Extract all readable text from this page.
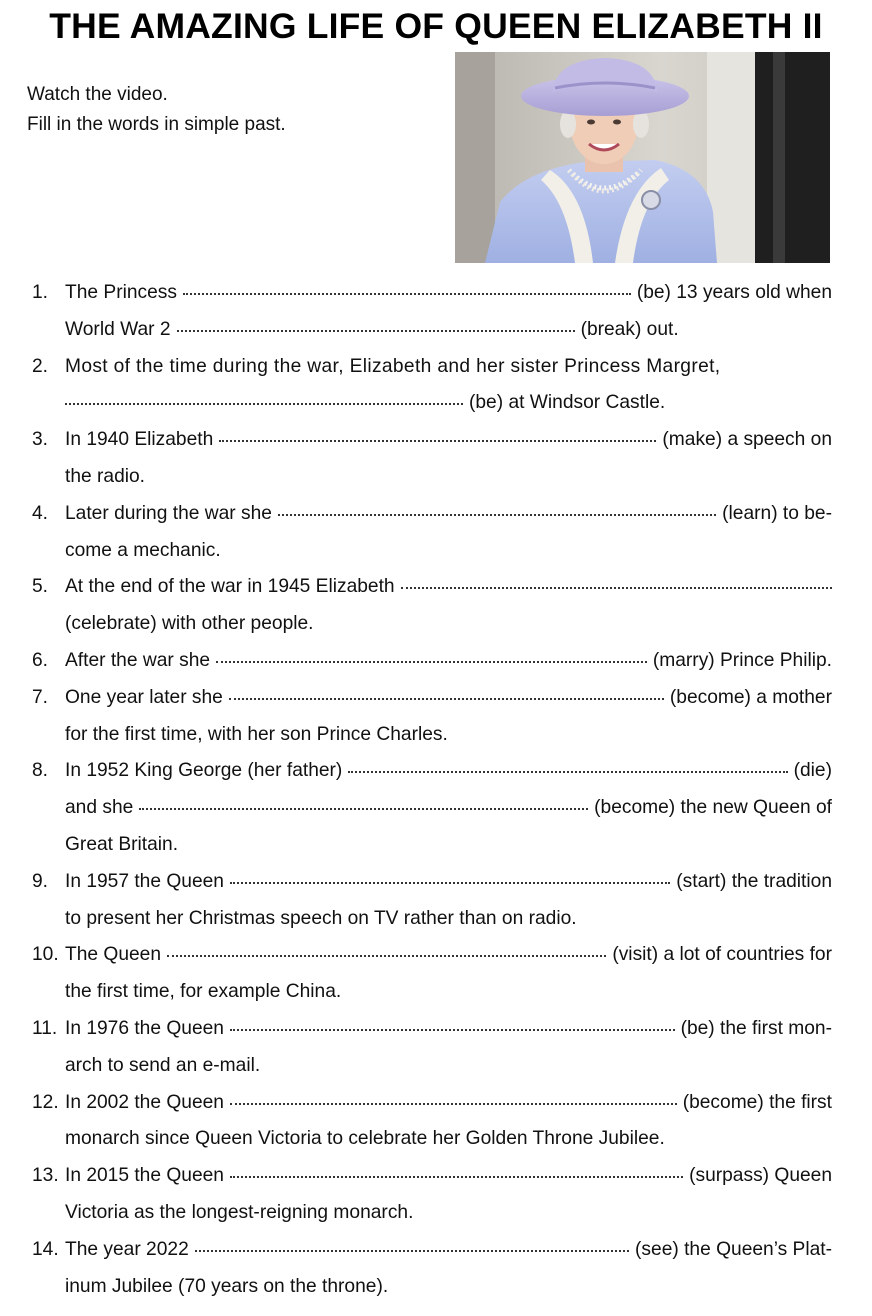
THE AMAZING LIFE OF QUEEN ELIZABETH II
Watch the video.
Fill in the words in simple past.
1. The Princess	(be) 13 years old when
World War 2	(break) out.
2. Most of the time during the war, Elizabeth and her sister Princess Margret,
(be) at Windsor Castle.
3. In 1940 Elizabeth	(make) a speech on
the radio.
4. Later during the war she	(learn) to be-
come a mechanic.
5. At the end of the war in 1945 Elizabeth
(celebrate) with other people.
6. After the war she	(marry) Prince Philip.
7. One year later she	(become) a mother
for the first time, with her son Prince Charles.
8. In 1952 King George (her father)	(die)
and she	(become) the new Queen of
Great Britain.
9. In 1957 the Queen	(start) the tradition
to present her Christmas speech on TV rather than on radio.
10. The Queen	(visit) a lot of countries for
the first time, for example China.
11. In 1976 the Queen	(be) the first mon-
arch to send an e-mail.
12. In 2002 the Queen	(become) the first
monarch since Queen Victoria to celebrate her Golden Throne Jubilee.
13. In 2015 the Queen	(surpass) Queen
Victoria as the longest-reigning monarch.
14. The year 2022	(see) the Queen’s Plat-
inum Jubilee (70 years on the throne).
